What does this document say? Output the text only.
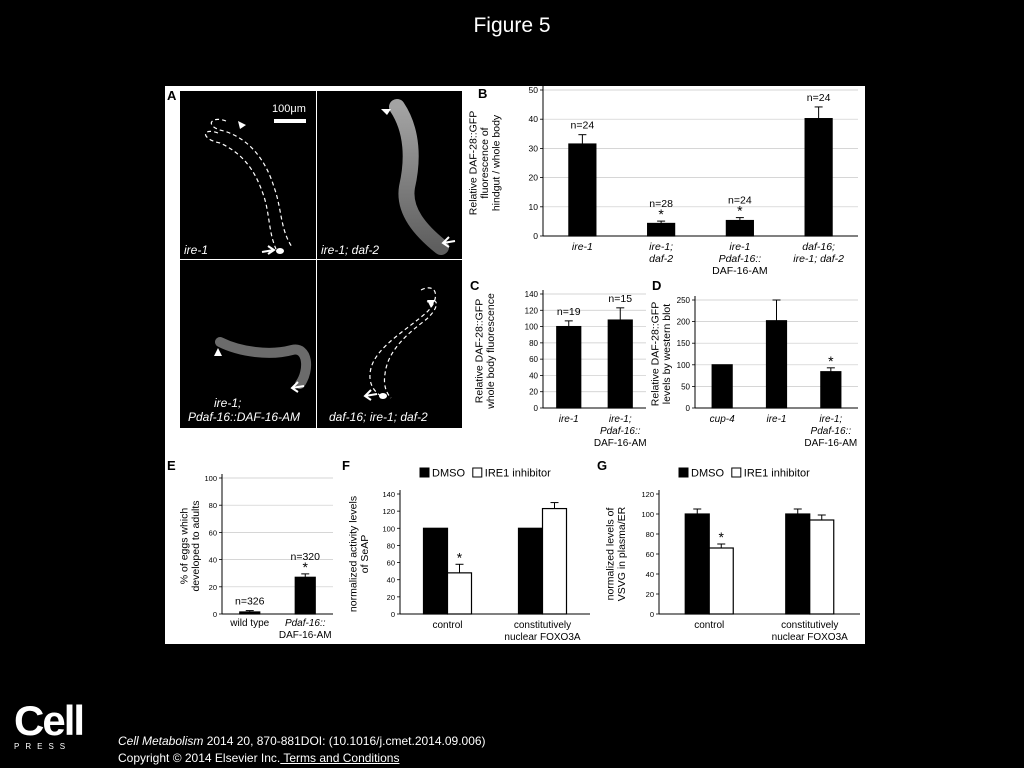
Figure 5
A
100μm
ire-1	ire-1; daf-2
ire-1;
Pdaf-16::DAF-16-AM daf-16; ire-1; daf-2
B
0
10
20
30
40
50
Relative DAF-28::GFPfluorescence ofhindgut / whole body	n=24
ire-1
*
n=28
ire-1;
daf-2
*
n=24
ire-1
Pdaf-16::
DAF-16-AM
n=24
daf-16;
ire-1; daf-2
C
0
20
40
60
80
100
120
140
Relative DAF-28::GFPwhole body fluorescence	n=19
ire-1
n=15
ire-1;
Pdaf-16::
DAF-16-AM
D
0
50
100
150
200
250
Relative DAF-28::GFPlevels by western blot
cup-4	ire-1
*
ire-1;
Pdaf-16::
DAF-16-AM
E
0
20
40
60
80
100
% of eggs whichdeveloped to adults
n=326
wild type
*
n=320
Pdaf-16::
DAF-16-AM
F
0
20
40
60
80
100
120
140
normalized activity levelsof SeAP	*
control	constitutively
nuclear FOXO3A
DMSO IRE1 inhibitor
G
0
20
40
60
80
100
120
normalized levels ofVSVG in plasma/ER	*
control	constitutively
nuclear FOXO3A
DMSO IRE1 inhibitor
Cell
PRESS	Cell Metabolism 2014 20, 870-881DOI: (10.1016/j.cmet.2014.09.006)
Copyright © 2014 Elsevier Inc. Terms and Conditions
